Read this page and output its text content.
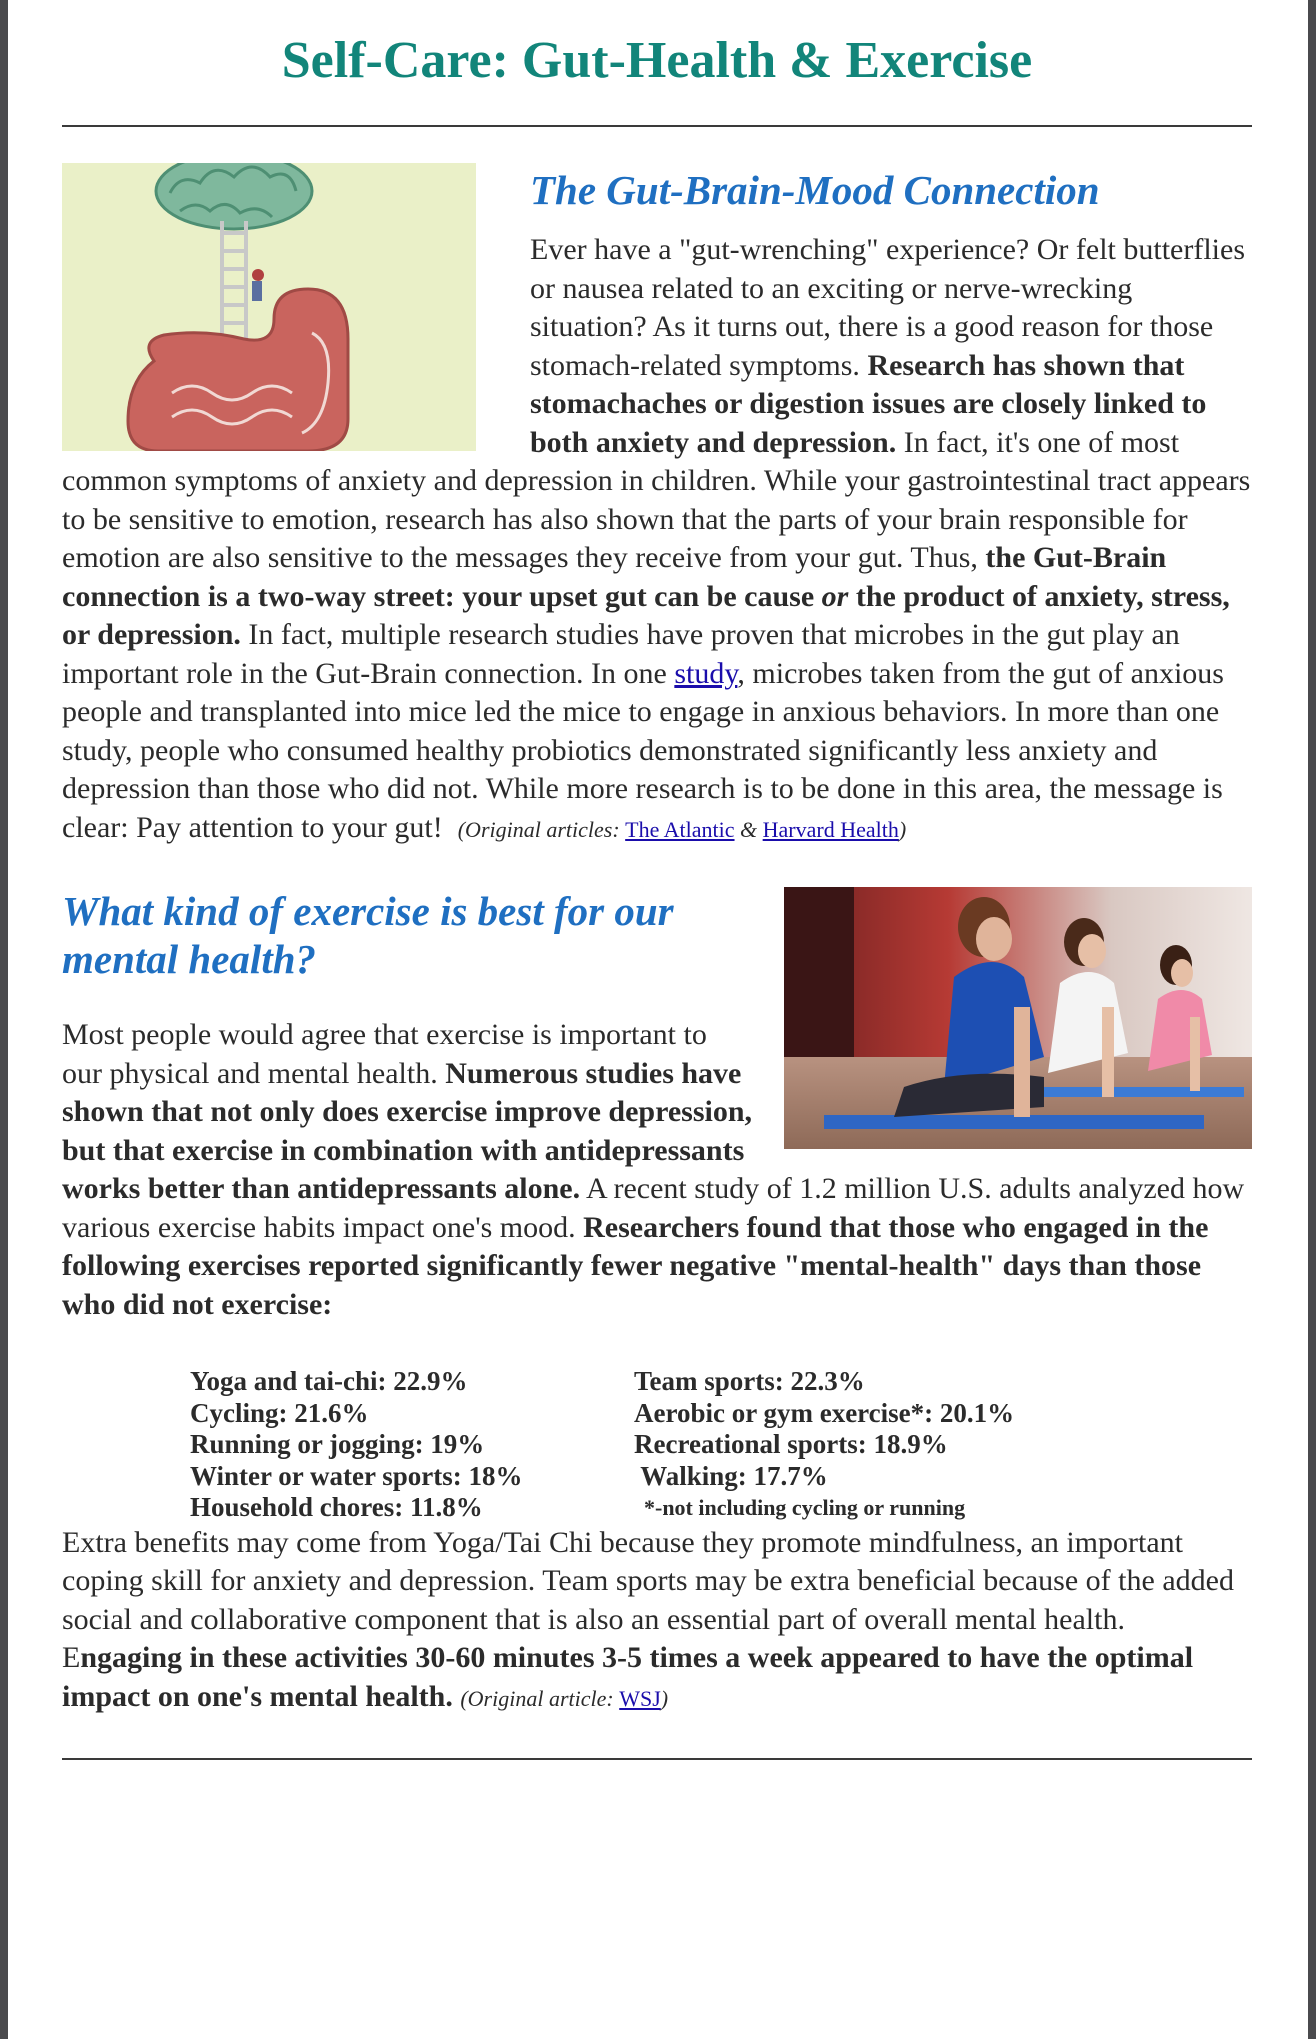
Self-Care: Gut-Health & Exercise
The Gut-Brain-Mood Connection

Ever have a "gut-wrenching" experience? Or felt butterflies or nausea related to an exciting or nerve-wrecking situation? As it turns out, there is a good reason for those stomach-related symptoms. Research has shown that stomachaches or digestion issues are closely linked to both anxiety and depression. In fact, it's one of most common symptoms of anxiety and depression in children. While your gastrointestinal tract appears to be sensitive to emotion, research has also shown that the parts of your brain responsible for emotion are also sensitive to the messages they receive from your gut. Thus, the Gut-Brain connection is a two-way street: your upset gut can be cause or the product of anxiety, stress, or depression. In fact, multiple research studies have proven that microbes in the gut play an important role in the Gut-Brain connection. In one study, microbes taken from the gut of anxious people and transplanted into mice led the mice to engage in anxious behaviors. In more than one study, people who consumed healthy probiotics demonstrated significantly less anxiety and depression than those who did not. While more research is to be done in this area, the message is clear: Pay attention to your gut! (Original articles: The Atlantic & Harvard Health)

What kind of exercise is best for our mental health?

Most people would agree that exercise is important to our physical and mental health. Numerous studies have shown that not only does exercise improve depression, but that exercise in combination with antidepressants works better than antidepressants alone. A recent study of 1.2 million U.S. adults analyzed how various exercise habits impact one's mood. Researchers found that those who engaged in the following exercises reported significantly fewer negative "mental-health" days than those who did not exercise:

Yoga and tai-chi: 22.9%
Cycling: 21.6%
Running or jogging: 19%
Winter or water sports: 18%
Household chores: 11.8%
Team sports: 22.3%
Aerobic or gym exercise*: 20.1%
Recreational sports: 18.9%
Walking: 17.7%
*-not including cycling or running

Extra benefits may come from Yoga/Tai Chi because they promote mindfulness, an important coping skill for anxiety and depression. Team sports may be extra beneficial because of the added social and collaborative component that is also an essential part of overall mental health. Engaging in these activities 30-60 minutes 3-5 times a week appeared to have the optimal impact on one's mental health. (Original article: WSJ)
